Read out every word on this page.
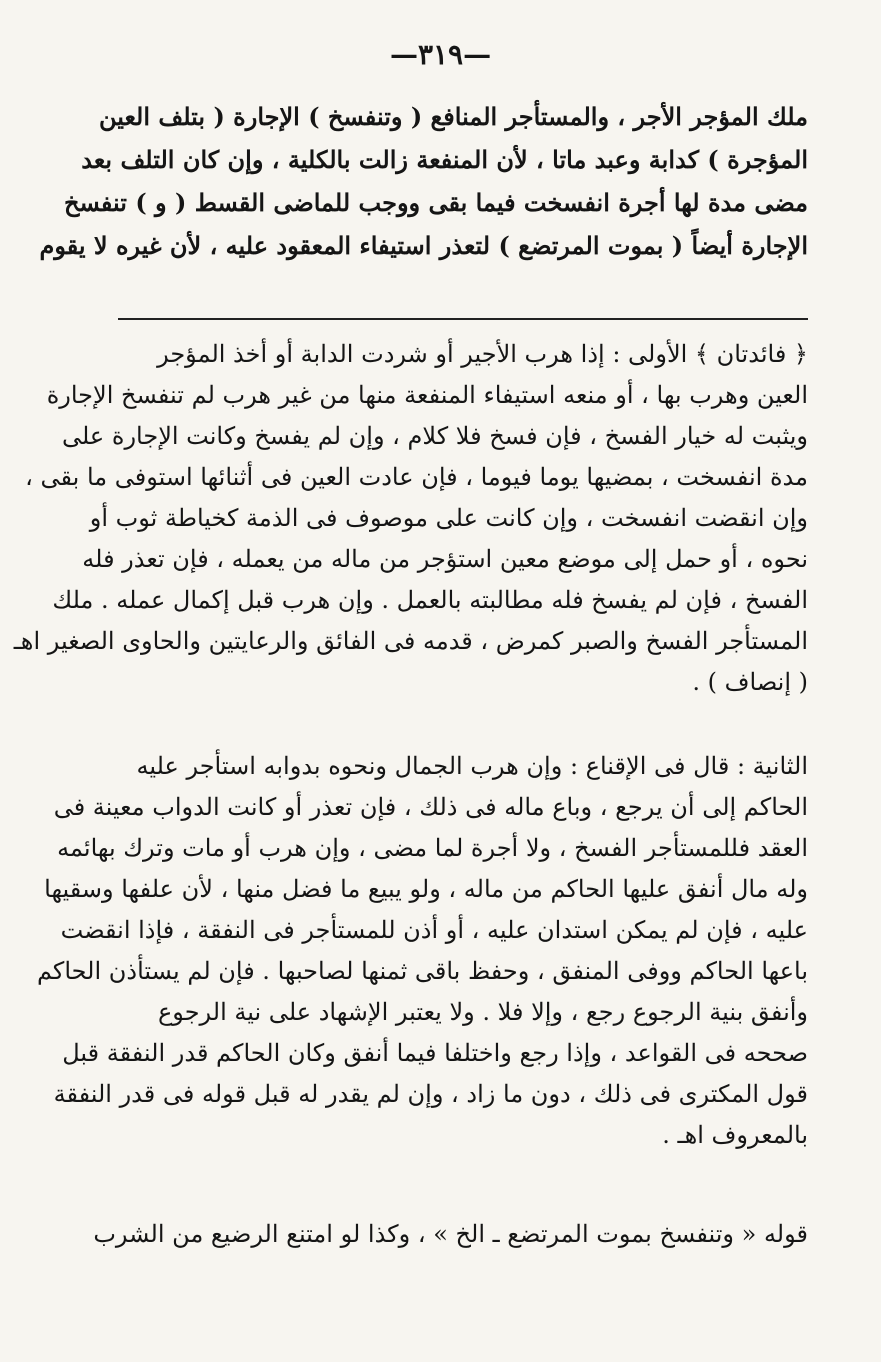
—٣١٩—
ملك المؤجر الأجر ، والمستأجر المنافع ( وتنفسخ ) الإجارة ( بتلف العين
المؤجرة ) كدابة وعبد ماتا ، لأن المنفعة زالت بالكلية ، وإن كان التلف بعد
مضى مدة لها أجرة انفسخت فيما بقى ووجب للماضى القسط ( و ) تنفسخ
الإجارة أيضاً ( بموت المرتضع ) لتعذر استيفاء المعقود عليه ، لأن غيره لا يقوم
﴿ فائدتان ﴾ الأولى : إذا هرب الأجير أو شردت الدابة أو أخذ المؤجر
العين وهرب بها ، أو منعه استيفاء المنفعة منها من غير هرب لم تنفسخ الإجارة
ويثبت له خيار الفسخ ، فإن فسخ فلا كلام ، وإن لم يفسخ وكانت الإجارة على
مدة انفسخت ، بمضيها يوما فيوما ، فإن عادت العين فى أثنائها استوفى ما بقى ،
وإن انقضت انفسخت ، وإن كانت على موصوف فى الذمة كخياطة ثوب أو
نحوه ، أو حمل إلى موضع معين استؤجر من ماله من يعمله ، فإن تعذر فله
الفسخ ، فإن لم يفسخ فله مطالبته بالعمل . وإن هرب قبل إكمال عمله . ملك
المستأجر الفسخ والصبر كمرض ، قدمه فى الفائق والرعايتين والحاوى الصغير اهـ
( إنصاف ) .
الثانية : قال فى الإقناع : وإن هرب الجمال ونحوه بدوابه استأجر عليه
الحاكم إلى أن يرجع ، وباع ماله فى ذلك ، فإن تعذر أو كانت الدواب معينة فى
العقد فللمستأجر الفسخ ، ولا أجرة لما مضى ، وإن هرب أو مات وترك بهائمه
وله مال أنفق عليها الحاكم من ماله ، ولو يبيع ما فضل منها ، لأن علفها وسقيها
عليه ، فإن لم يمكن استدان عليه ، أو أذن للمستأجر فى النفقة ، فإذا انقضت
باعها الحاكم ووفى المنفق ، وحفظ باقى ثمنها لصاحبها . فإن لم يستأذن الحاكم
وأنفق بنية الرجوع رجع ، وإلا فلا . ولا يعتبر الإشهاد على نية الرجوع
صححه فى القواعد ، وإذا رجع واختلفا فيما أنفق وكان الحاكم قدر النفقة قبل
قول المكترى فى ذلك ، دون ما زاد ، وإن لم يقدر له قبل قوله فى قدر النفقة
بالمعروف اهـ .
قوله « وتنفسخ بموت المرتضع ـ الخ » ، وكذا لو امتنع الرضيع من الشرب
